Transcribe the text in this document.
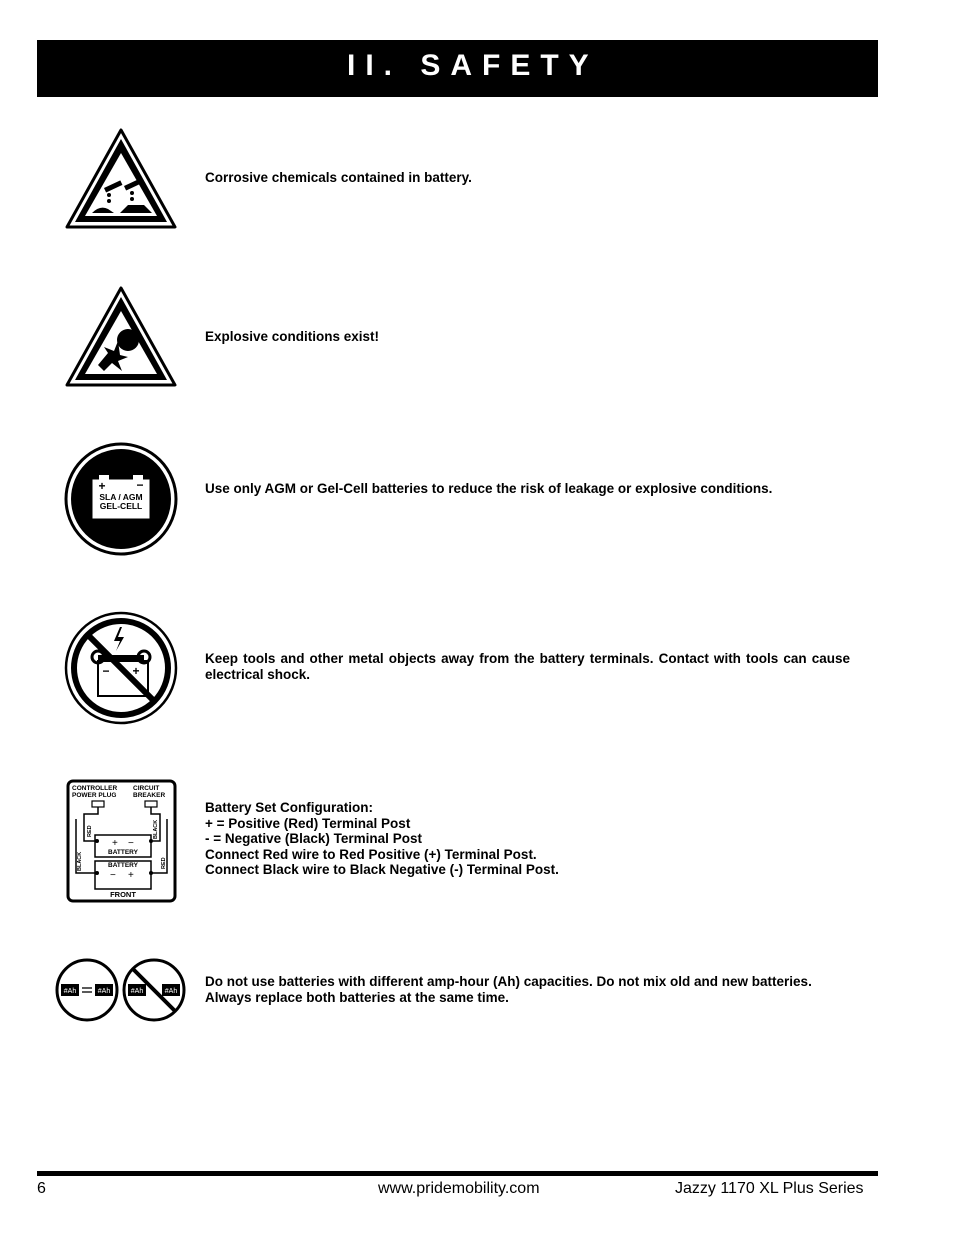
II. SAFETY
Corrosive chemicals contained in battery.
Explosive conditions exist!
+	−
SLA / AGM
GEL-CELL
Use only AGM or Gel-Cell batteries to reduce the risk of leakage or explosive conditions.
− +
Keep tools and other metal objects away from the battery terminals. Contact with tools can cause electrical shock.
CONTROLLER
POWER PLUG
CIRCUIT
BREAKER
+ −
BATTERY
BATTERY
− +
FRONT
RED	BLACK
BLACK	RED
Battery Set Configuration:
+ = Positive (Red) Terminal Post
- = Negative (Black) Terminal Post
Connect Red wire to Red Positive (+) Terminal Post.
Connect Black wire to Black Negative (-) Terminal Post.
#Ah	#Ah	#Ah	#Ah
Do not use batteries with different amp-hour (Ah) capacities. Do not mix old and new batteries. Always replace both batteries at the same time.
6	www.pridemobility.com	Jazzy 1170 XL Plus Series
